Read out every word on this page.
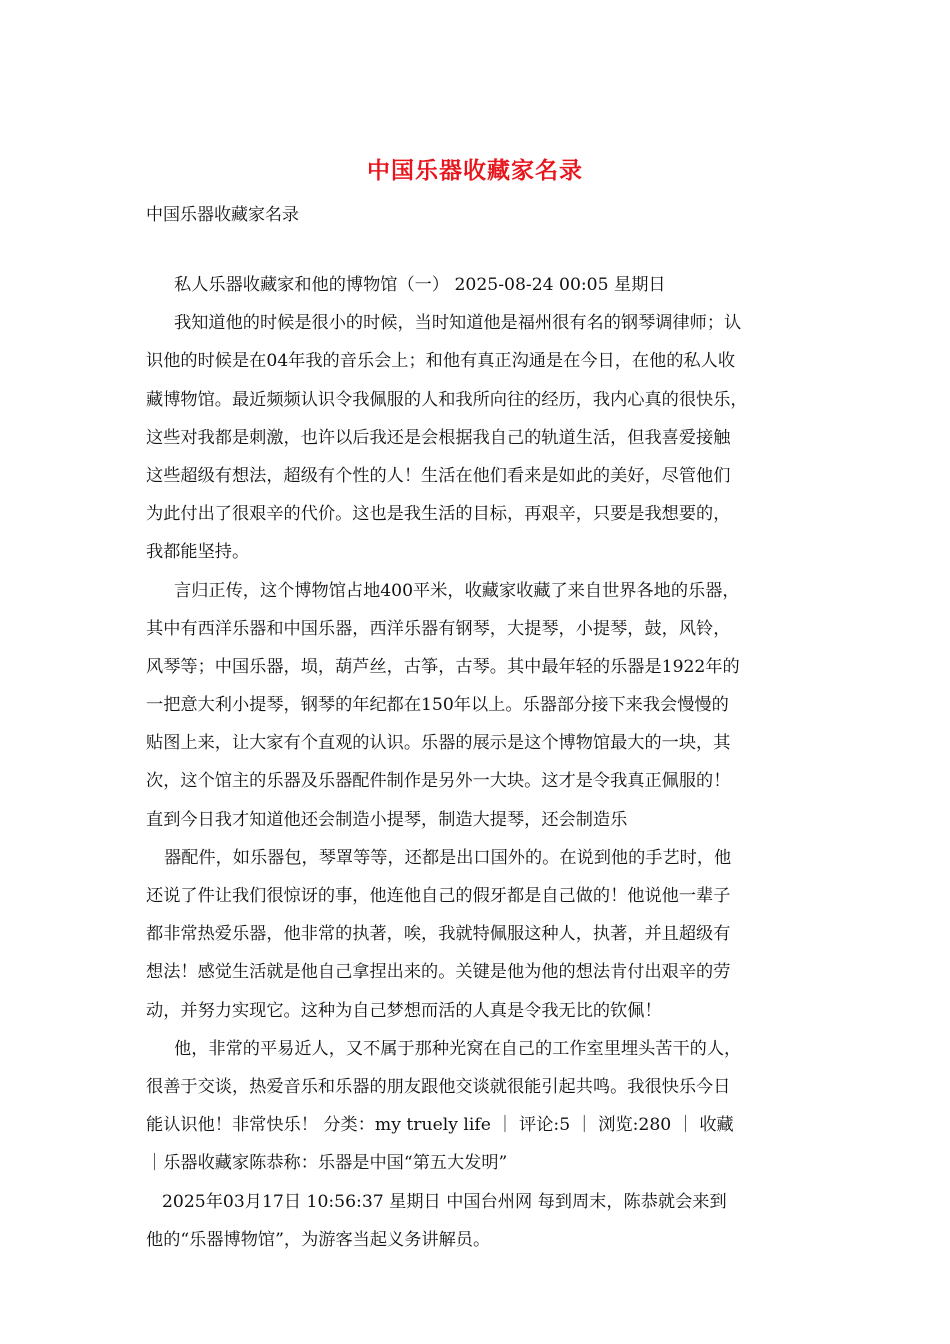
中国乐器收藏家名录
中国乐器收藏家名录
私人乐器收藏家和他的博物馆（一） 2025-08-24 00:05 星期日
我知道他的时候是很小的时候，当时知道他是福州很有名的钢琴调律师；认
识他的时候是在04年我的音乐会上；和他有真正沟通是在今日，在他的私人收
藏博物馆。最近频频认识令我佩服的人和我所向往的经历，我内心真的很快乐，
这些对我都是刺激，也许以后我还是会根据我自己的轨道生活，但我喜爱接触
这些超级有想法，超级有个性的人！生活在他们看来是如此的美好，尽管他们
为此付出了很艰辛的代价。这也是我生活的目标，再艰辛，只要是我想要的，
我都能坚持。
言归正传，这个博物馆占地400平米，收藏家收藏了来自世界各地的乐器，
其中有西洋乐器和中国乐器，西洋乐器有钢琴，大提琴，小提琴，鼓，风铃，
风琴等；中国乐器，埙，葫芦丝，古筝，古琴。其中最年轻的乐器是1922年的
一把意大利小提琴，钢琴的年纪都在150年以上。乐器部分接下来我会慢慢的
贴图上来，让大家有个直观的认识。乐器的展示是这个博物馆最大的一块，其
次，这个馆主的乐器及乐器配件制作是另外一大块。这才是令我真正佩服的！
直到今日我才知道他还会制造小提琴，制造大提琴，还会制造乐
器配件，如乐器包，琴罩等等，还都是出口国外的。在说到他的手艺时，他
还说了件让我们很惊讶的事，他连他自己的假牙都是自己做的！他说他一辈子
都非常热爱乐器，他非常的执著，唉，我就特佩服这种人，执著，并且超级有
想法！感觉生活就是他自己拿捏出来的。关键是他为他的想法肯付出艰辛的劳
动，并努力实现它。这种为自己梦想而活的人真是令我无比的钦佩！
他，非常的平易近人，又不属于那种光窝在自己的工作室里埋头苦干的人，
很善于交谈，热爱音乐和乐器的朋友跟他交谈就很能引起共鸣。我很快乐今日
能认识他！非常快乐！ 分类：my truely life ｜ 评论:5 ｜ 浏览:280 ｜ 收藏
｜乐器收藏家陈恭称：乐器是中国“第五大发明”
2025年03月17日 10:56:37 星期日 中国台州网 每到周末，陈恭就会来到
他的“乐器博物馆”，为游客当起义务讲解员。
